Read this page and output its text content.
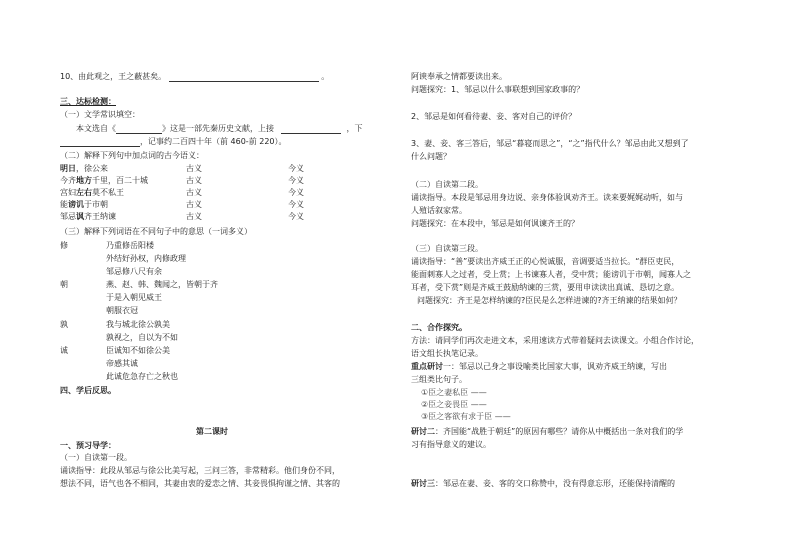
10、由此观之，王之蔽甚矣。	。
三、达标检测：
（一）文学常识填空：
本文选自《	》这是一部先秦历史文献，上接	，下
，记事约二百四十年（前 460-前 220）。
（二）解释下列句中加点词的古今语义：
明日，徐公来	古义	今义
今齐地方千里，百二十城	古义	今义
宫妇左右莫不私王	古义	今义
能谤讥于市朝	古义	今义
邹忌讽齐王纳谏	古义	今义
（三）解释下列词语在不同句子中的意思（一词多义）
修	乃重修岳阳楼
外结好孙权，内修政理
邹忌修八尺有余
朝	燕、赵、韩、魏闻之，皆朝于齐
于是入朝见威王
朝服衣冠
孰	我与城北徐公孰美
孰视之，自以为不如
诚	臣诚知不如徐公美
帝感其诚
此诚危急存亡之秋也
四、学后反思。
第二课时
一、预习导学：
（一）自读第一段。
诵读指导：此段从邹忌与徐公比美写起，三问三答，非常精彩。他们身份不同，
想法不同，语气也各不相同，其妻由衷的爱恋之情、其妾畏惧拘谨之情、其客的
阿谀奉承之情都要读出来。
问题探究：1、邹忌以什么事联想到国家政事的？
2、邹忌是如何看待妻、妾、客对自己的评价？
3、妻、妾、客三答后，邹忌“暮寝而思之”，“之”指代什么？邹忌由此又想到了
什么问题？
（二）自读第二段。
诵读指导。本段是邹忌用身边说、亲身体验讽劝齐王。读来要娓娓动听，如与
人殖话叙家常。
问题探究：在本段中，邹忌是如何讽谏齐王的？
（三）自读第三段。
诵读指导：“善”要读出齐威王正的心悦诚服，音调要适当拉长。“群臣吏民，
能面刺寡人之过者，受上赏；上书谏寡人者，受中赏；能谤讥于市朝，闻寡人之
耳者，受下赏”则是齐威王鼓励纳谏的三赏，要用申读读出真诚、恳切之意。
问题探究：齐王是怎样纳谏的?臣民是么怎样进谏的?齐王纳谏的结果如何？
二、合作探究。
方法：请同学们再次走进文本，采用速读方式带着疑问去读课文。小组合作讨论，
语文组长执笔记录。
重点研讨一：邹忌以己身之事设喻类比国家大事，讽劝齐威王纳谏，写出
三组类比句子。
①臣之妻私臣 ——
②臣之妾畏臣 ——
③臣之客欲有求于臣 ——
研讨二：齐国能“战胜于朝廷”的原因有哪些？请你从中概括出一条对我们的学
习有指导意义的建议。
研讨三：邹忌在妻、妾、客的交口称赞中，没有得意忘形，还能保持清醒的
